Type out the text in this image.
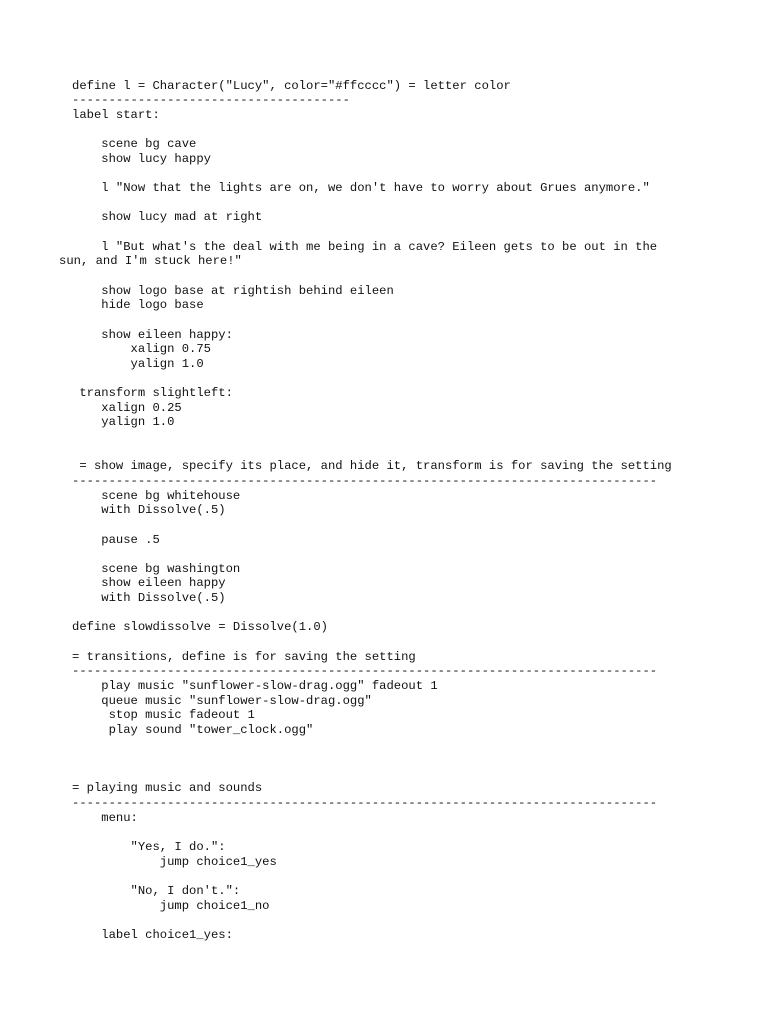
define l = Character("Lucy", color="#ffcccc") = letter color
--------------------------------------
label start:
scene bg cave
show lucy happy
l "Now that the lights are on, we don't have to worry about Grues anymore."
show lucy mad at right
l "But what's the deal with me being in a cave? Eileen gets to be out in the
sun, and I'm stuck here!"
show logo base at rightish behind eileen
hide logo base
show eileen happy:
xalign 0.75
yalign 1.0
transform slightleft:
xalign 0.25
yalign 1.0
= show image, specify its place, and hide it, transform is for saving the setting
--------------------------------------------------------------------------------
scene bg whitehouse
with Dissolve(.5)
pause .5
scene bg washington
show eileen happy
with Dissolve(.5)
define slowdissolve = Dissolve(1.0)
= transitions, define is for saving the setting
--------------------------------------------------------------------------------
play music "sunflower-slow-drag.ogg" fadeout 1
queue music "sunflower-slow-drag.ogg"
stop music fadeout 1
play sound "tower_clock.ogg"
= playing music and sounds
--------------------------------------------------------------------------------
menu:
"Yes, I do.":
jump choice1_yes
"No, I don't.":
jump choice1_no
label choice1_yes:
